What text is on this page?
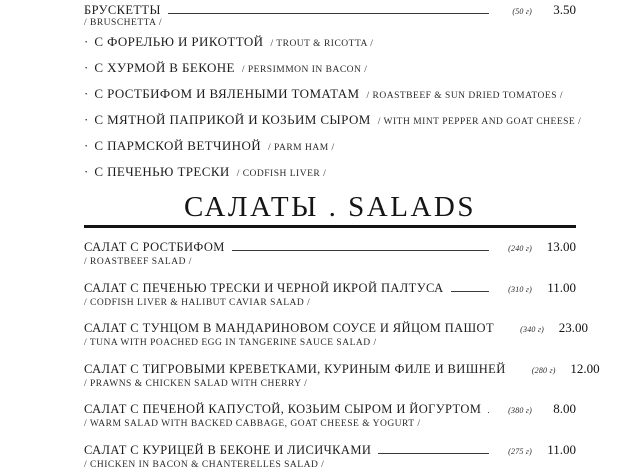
БРУСКЕТТЫ	(50 г)	3.50
/ BRUSCHETTA /
· С ФОРЕЛЬЮ И РИКОТТОЙ / TROUT & RICOTTA /
· С ХУРМОЙ В БЕКОНЕ / PERSIMMON IN BACON /
· С РОСТБИФОМ И ВЯЛЕНЫМИ ТОМАТАМ / ROASTBEEF & SUN DRIED TOMATOES /
· С МЯТНОЙ ПАПРИКОЙ И КОЗЬИМ СЫРОМ / WITH MINT PEPPER AND GOAT CHEESE /
· С ПАРМСКОЙ ВЕТЧИНОЙ / PARM HAM /
· С ПЕЧЕНЬЮ ТРЕСКИ / CODFISH LIVER /
САЛАТЫ . SALADS
САЛАТ С РОСТБИФОМ	(240 г)	13.00
/ ROASTBEEF SALAD /
САЛАТ С ПЕЧЕНЬЮ ТРЕСКИ И ЧЕРНОЙ ИКРОЙ ПАЛТУСА	(310 г)	11.00
/ CODFISH LIVER & HALIBUT CAVIAR SALAD /
САЛАТ С ТУНЦОМ В МАНДАРИНОВОМ СОУСЕ И ЯЙЦОМ ПАШОТ	(340 г)	23.00
/ TUNA WITH POACHED EGG IN TANGERINE SAUCE SALAD /
САЛАТ С ТИГРОВЫМИ КРЕВЕТКАМИ, КУРИНЫМ ФИЛЕ И ВИШНЕЙ	(280 г)	12.00
/ PRAWNS & CHICKEN SALAD WITH CHERRY /
САЛАТ С ПЕЧЕНОЙ КАПУСТОЙ, КОЗЬИМ СЫРОМ И ЙОГУРТОМ	(380 г)	8.00
/ WARM SALAD WITH BACKED CABBAGE, GOAT CHEESE & YOGURT /
САЛАТ С КУРИЦЕЙ В БЕКОНЕ И ЛИСИЧКАМИ	(275 г)	11.00
/ CHICKEN IN BACON & CHANTERELLES SALAD /
